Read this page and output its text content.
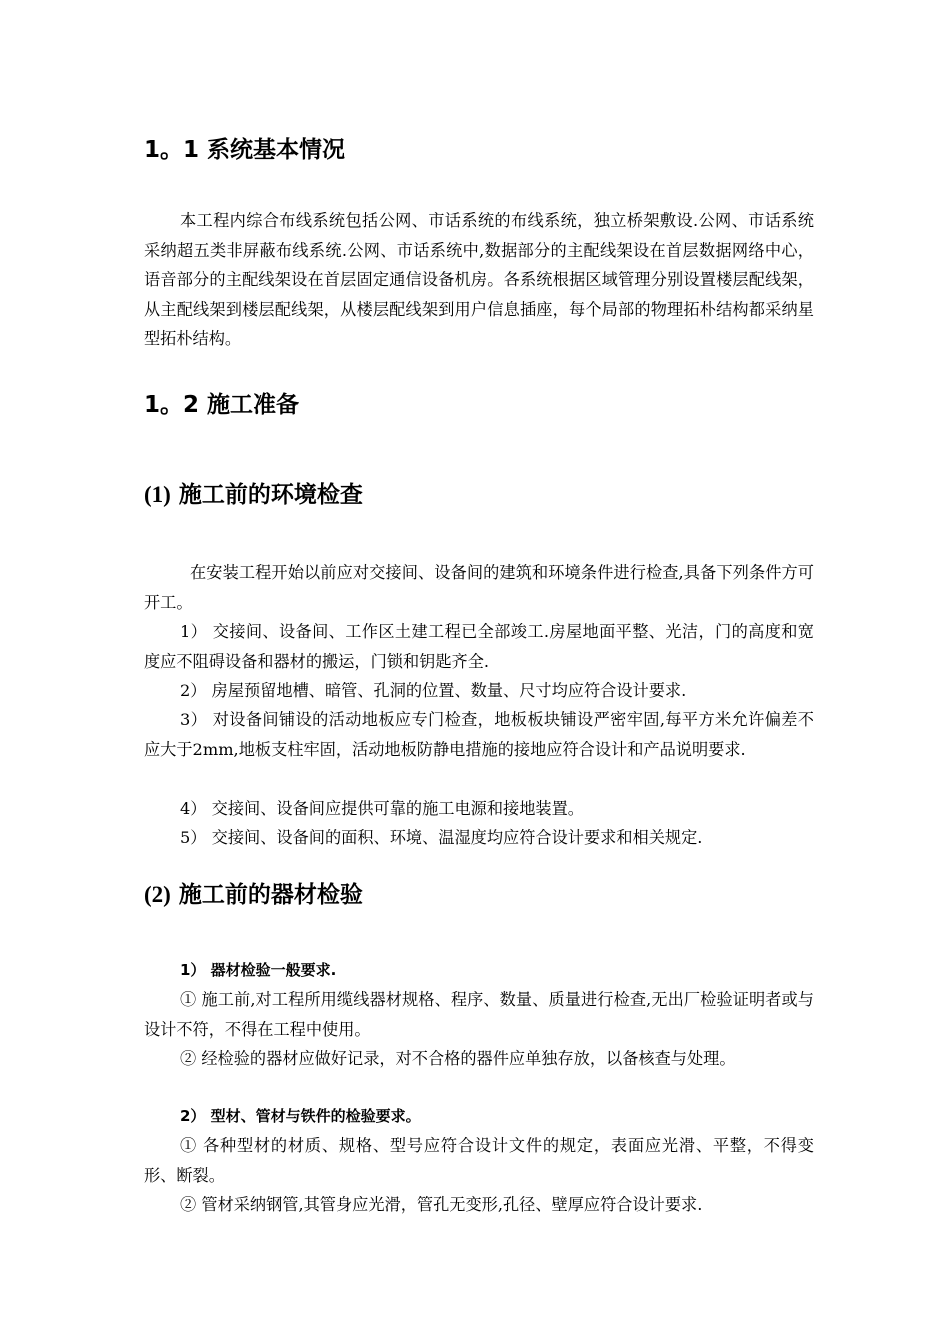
1。1 系统基本情况
本工程内综合布线系统包括公网、市话系统的布线系统，独立桥架敷设.公网、市话系统采纳超五类非屏蔽布线系统.公网、市话系统中,数据部分的主配线架设在首层数据网络中心，语音部分的主配线架设在首层固定通信设备机房。各系统根据区域管理分别设置楼层配线架，从主配线架到楼层配线架，从楼层配线架到用户信息插座，每个局部的物理拓朴结构都采纳星型拓朴结构。
1。2 施工准备
(1) 施工前的环境检查
在安装工程开始以前应对交接间、设备间的建筑和环境条件进行检查,具备下列条件方可开工。
1） 交接间、设备间、工作区土建工程已全部竣工.房屋地面平整、光洁，门的高度和宽度应不阻碍设备和器材的搬运，门锁和钥匙齐全.
2） 房屋预留地槽、暗管、孔洞的位置、数量、尺寸均应符合设计要求.
3） 对设备间铺设的活动地板应专门检查，地板板块铺设严密牢固,每平方米允许偏差不应大于2mm,地板支柱牢固，活动地板防静电措施的接地应符合设计和产品说明要求.
4） 交接间、设备间应提供可靠的施工电源和接地装置。
5） 交接间、设备间的面积、环境、温湿度均应符合设计要求和相关规定.
(2) 施工前的器材检验
1） 器材检验一般要求.
① 施工前,对工程所用缆线器材规格、程序、数量、质量进行检查,无出厂检验证明者或与设计不符，不得在工程中使用。
② 经检验的器材应做好记录，对不合格的器件应单独存放，以备核查与处理。
2） 型材、管材与铁件的检验要求。
① 各种型材的材质、规格、型号应符合设计文件的规定，表面应光滑、平整，不得变形、断裂。
② 管材采纳钢管,其管身应光滑，管孔无变形,孔径、壁厚应符合设计要求.
